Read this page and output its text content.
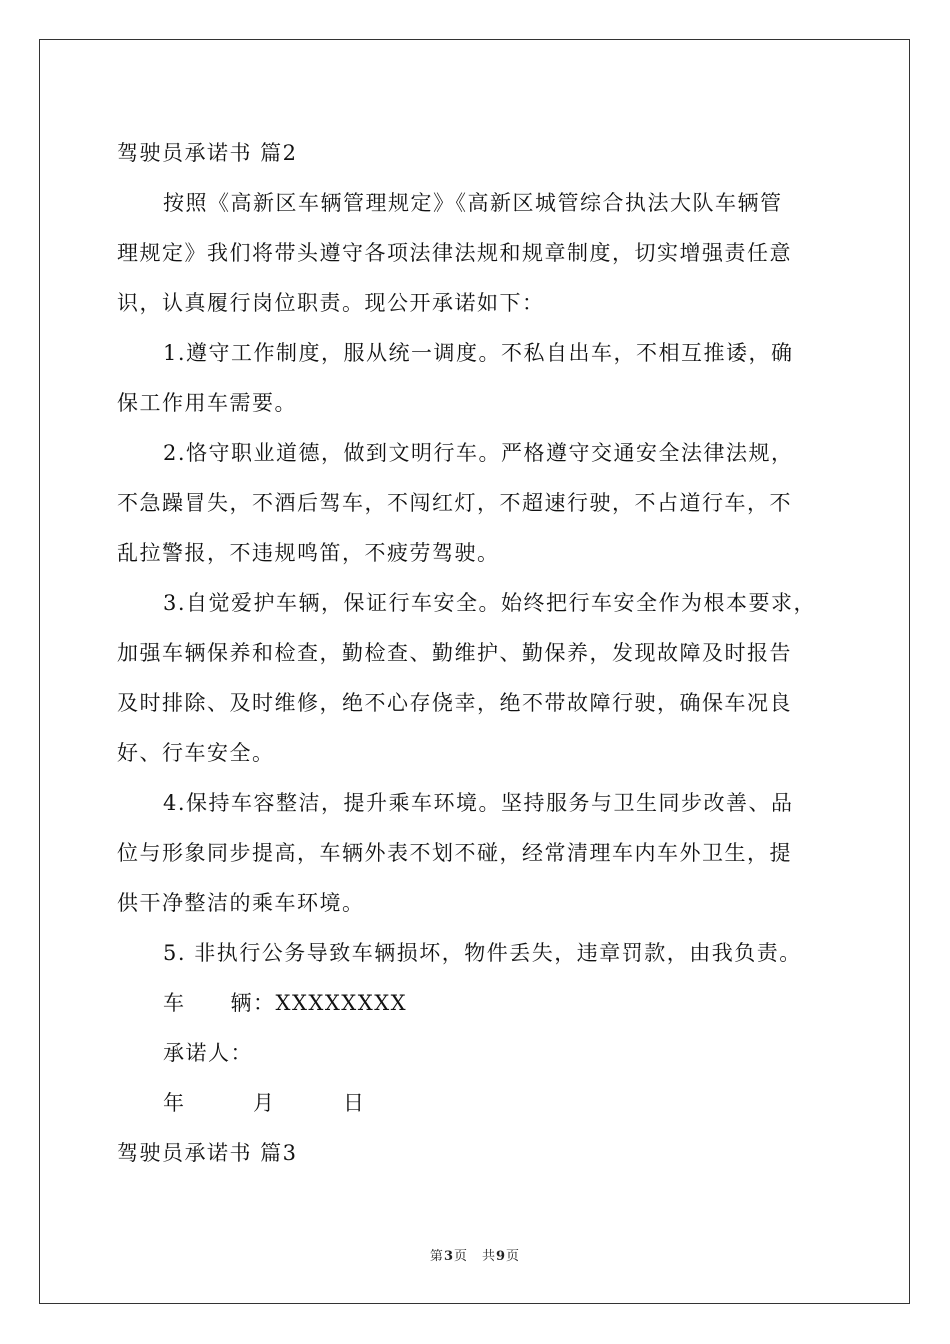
驾驶员承诺书 篇2
按照《高新区车辆管理规定》《高新区城管综合执法大队车辆管
理规定》我们将带头遵守各项法律法规和规章制度，切实增强责任意
识，认真履行岗位职责。现公开承诺如下：
1.遵守工作制度，服从统一调度。不私自出车，不相互推诿，确
保工作用车需要。
2.恪守职业道德，做到文明行车。严格遵守交通安全法律法规，
不急躁冒失，不酒后驾车，不闯红灯，不超速行驶，不占道行车，不
乱拉警报，不违规鸣笛，不疲劳驾驶。
3.自觉爱护车辆，保证行车安全。始终把行车安全作为根本要求，
加强车辆保养和检查，勤检查、勤维护、勤保养，发现故障及时报告
及时排除、及时维修，绝不心存侥幸，绝不带故障行驶，确保车况良
好、行车安全。
4.保持车容整洁，提升乘车环境。坚持服务与卫生同步改善、品
位与形象同步提高，车辆外表不划不碰，经常清理车内车外卫生，提
供干净整洁的乘车环境。
5. 非执行公务导致车辆损坏，物件丢失，违章罚款，由我负责。
车　　辆： XXXXXXXX
承诺人：
年　　　月　　　日
驾驶员承诺书 篇3
第3页　共9页
